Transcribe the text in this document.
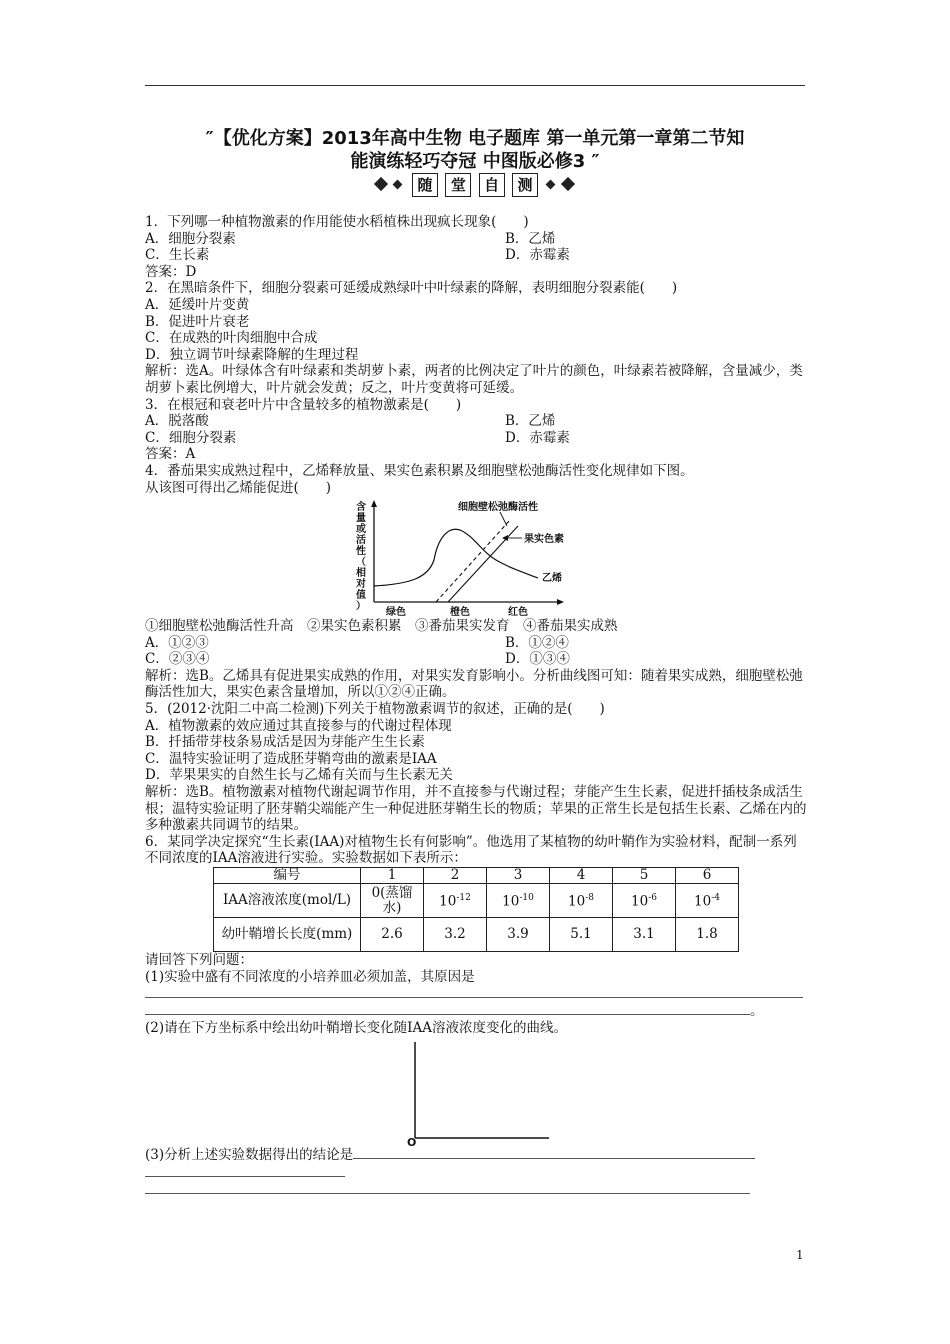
″【优化方案】2013年高中生物 电子题库 第一单元第一章第二节知
能演练轻巧夺冠 中图版必修3 ″
随	堂	自	测
1．下列哪一种植物激素的作用能使水稻植株出现疯长现象(　　)
A．细胞分裂素	B．乙烯
C．生长素	D．赤霉素
答案：D
2．在黑暗条件下，细胞分裂素可延缓成熟绿叶中叶绿素的降解，表明细胞分裂素能(　　)
A．延缓叶片变黄
B．促进叶片衰老
C．在成熟的叶肉细胞中合成
D．独立调节叶绿素降解的生理过程
解析：选A。叶绿体含有叶绿素和类胡萝卜素，两者的比例决定了叶片的颜色，叶绿素若被降解，含量减少，类胡萝卜素比例增大，叶片就会发黄；反之，叶片变黄将可延缓。
3．在根冠和衰老叶片中含量较多的植物激素是(　　)
A．脱落酸	B．乙烯
C．细胞分裂素	D．赤霉素
答案：A
4．番茄果实成熟过程中，乙烯释放量、果实色素积累及细胞壁松弛酶活性变化规律如下图。
从该图可得出乙烯能促进(　　)
含
量
或
活
性
（
相
对
值
）
细胞壁松弛酶活性
果实色素
乙烯
绿色	橙色	红色
①细胞壁松弛酶活性升高　②果实色素积累　③番茄果实发育　④番茄果实成熟
A．①②③	B．①②④
C．②③④	D．①③④
解析：选B。乙烯具有促进果实成熟的作用，对果实发育影响小。分析曲线图可知：随着果实成熟，细胞壁松弛酶活性加大，果实色素含量增加，所以①②④正确。
5．(2012·沈阳二中高二检测)下列关于植物激素调节的叙述，正确的是(　　)
A．植物激素的效应通过其直接参与的代谢过程体现
B．扦插带芽枝条易成活是因为芽能产生生长素
C．温特实验证明了造成胚芽鞘弯曲的激素是IAA
D．苹果果实的自然生长与乙烯有关而与生长素无关
解析：选B。植物激素对植物代谢起调节作用，并不直接参与代谢过程；芽能产生生长素，促进扦插枝条成活生根；温特实验证明了胚芽鞘尖端能产生一种促进胚芽鞘生长的物质；苹果的正常生长是包括生长素、乙烯在内的多种激素共同调节的结果。
6．某同学决定探究“生长素(IAA)对植物生长有何影响”。他选用了某植物的幼叶鞘作为实验材料，配制一系列不同浓度的IAA溶液进行实验。实验数据如下表所示：
编号	1	2	3	4	5	6
IAA溶液浓度(mol/L)	0(蒸馏水)	$10^{-12}$	$10^{-10}$	$10^{-8}$	$10^{-6}$	$10^{-4}$
幼叶鞘增长长度(mm)	2.6	3.2	3.9	5.1	3.1	1.8
请回答下列问题：
(1)实验中盛有不同浓度的小培养皿必须加盖，其原因是
。
(2)请在下方坐标系中绘出幼叶鞘增长变化随IAA溶液浓度变化的曲线。
O
(3)分析上述实验数据得出的结论是
1
